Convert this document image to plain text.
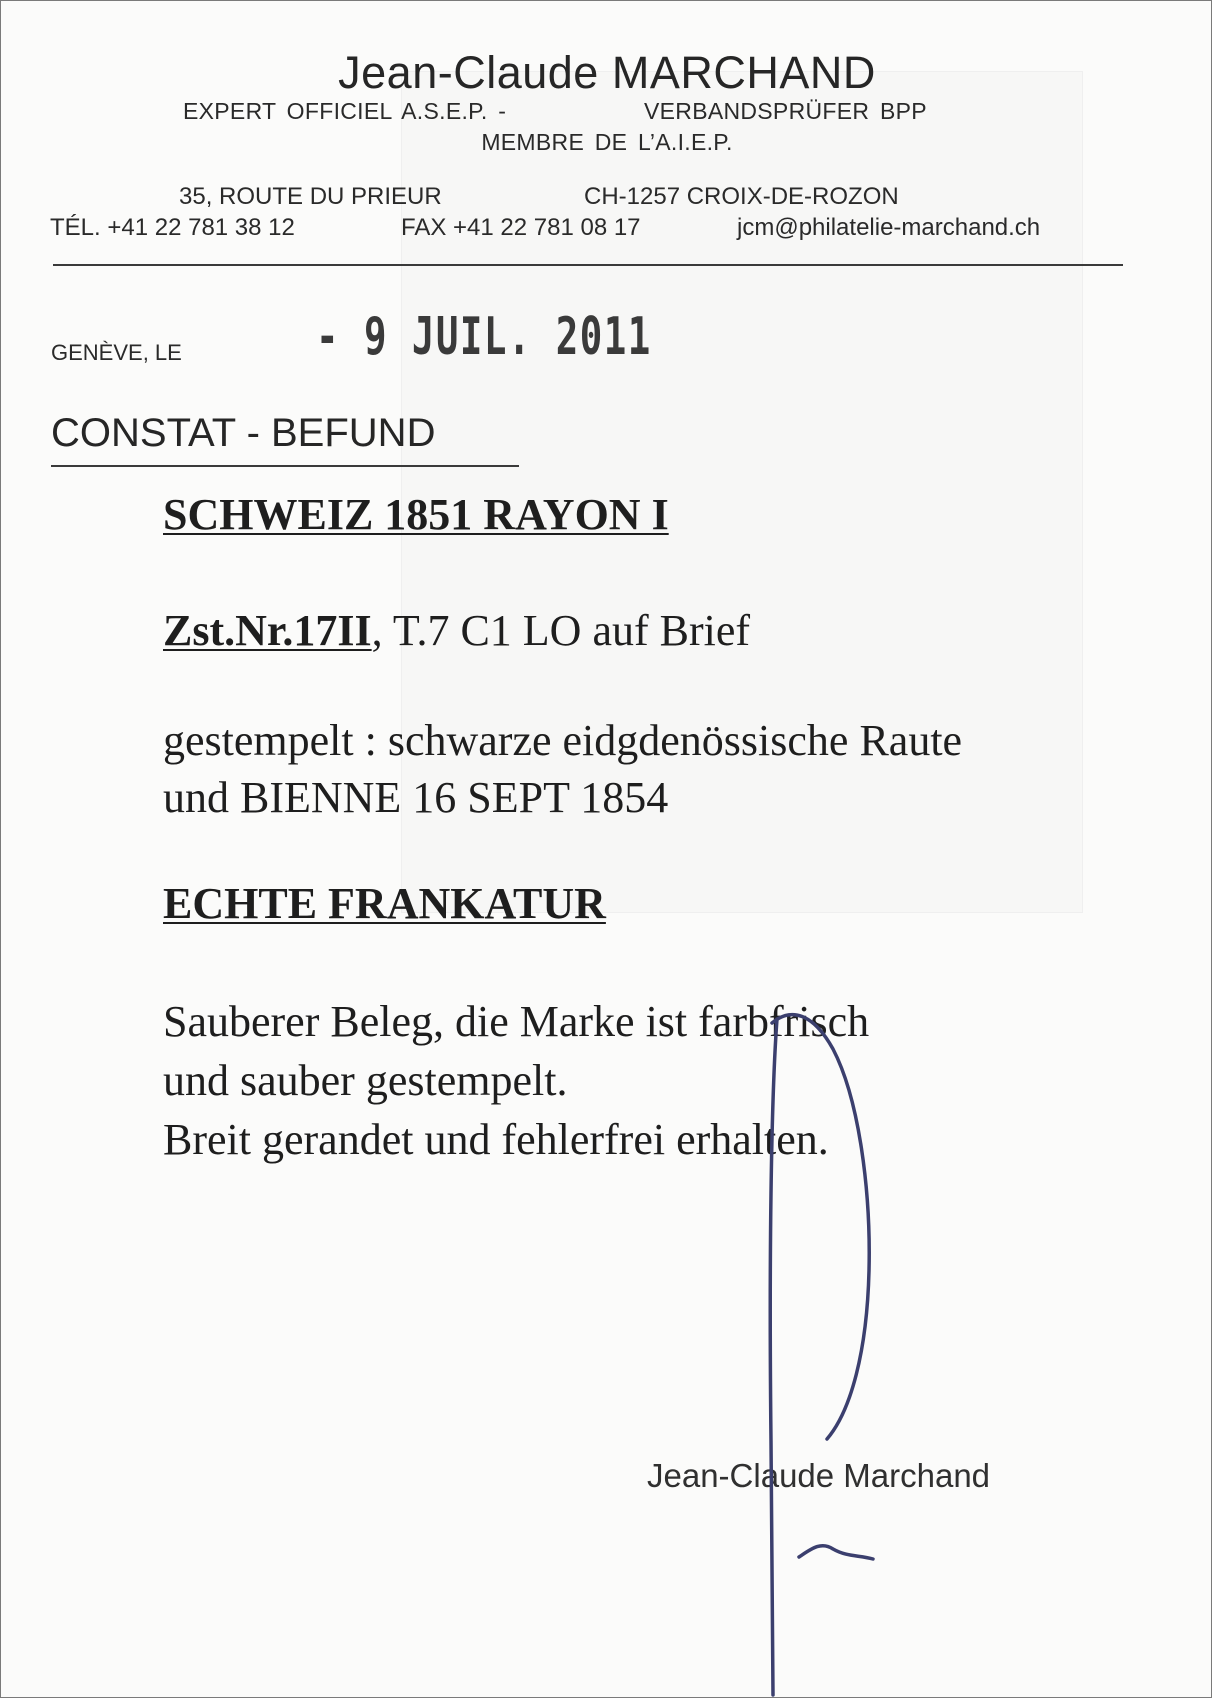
Jean-Claude MARCHAND
EXPERT OFFICIEL A.S.E.P. -	VERBANDSPRÜFER BPP
MEMBRE DE L’A.I.E.P.
35, ROUTE DU PRIEUR	CH-1257 CROIX-DE-ROZON
TÉL. +41 22 781 38 12	FAX +41 22 781 08 17	jcm@philatelie-marchand.ch
GENÈVE, LE	- 9 JUIL. 2011
CONSTAT - BEFUND
SCHWEIZ 1851 RAYON I
Zst.Nr.17II, T.7 C1 LO auf Brief
gestempelt : schwarze eidgdenössische Raute
und BIENNE 16 SEPT 1854
ECHTE FRANKATUR
Sauberer Beleg, die Marke ist farbfrisch
und sauber gestempelt.
Breit gerandet und fehlerfrei erhalten.
Jean-Claude Marchand
